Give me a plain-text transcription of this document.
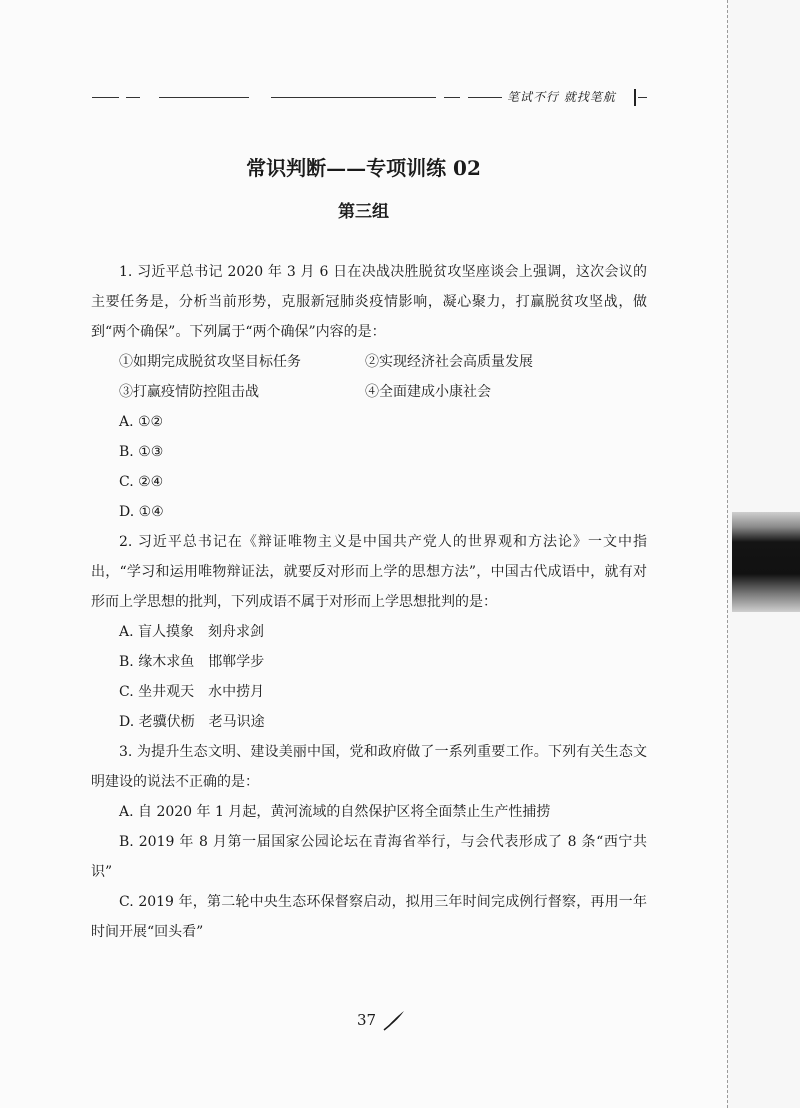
笔试不行 就找笔航
常识判断——专项训练 02
第三组

1. 习近平总书记 2020 年 3 月 6 日在决战决胜脱贫攻坚座谈会上强调，这次会议的主要任务是，分析当前形势，克服新冠肺炎疫情影响，凝心聚力，打赢脱贫攻坚战，做到“两个确保”。下列属于“两个确保”内容的是：

①如期完成脱贫攻坚目标任务	②实现经济社会高质量发展
③打赢疫情防控阻击战	④全面建成小康社会

A. ①②

B. ①③

C. ②④

D. ①④

2. 习近平总书记在《辩证唯物主义是中国共产党人的世界观和方法论》一文中指出，“学习和运用唯物辩证法，就要反对形而上学的思想方法”，中国古代成语中，就有对形而上学思想的批判，下列成语不属于对形而上学思想批判的是：

A. 盲人摸象　刻舟求剑

B. 缘木求鱼　邯郸学步

C. 坐井观天　水中捞月

D. 老骥伏枥　老马识途

3. 为提升生态文明、建设美丽中国，党和政府做了一系列重要工作。下列有关生态文明建设的说法不正确的是：

A. 自 2020 年 1 月起，黄河流域的自然保护区将全面禁止生产性捕捞

B. 2019 年 8 月第一届国家公园论坛在青海省举行，与会代表形成了 8 条“西宁共识”

C. 2019 年，第二轮中央生态环保督察启动，拟用三年时间完成例行督察，再用一年时间开展“回头看”

37
